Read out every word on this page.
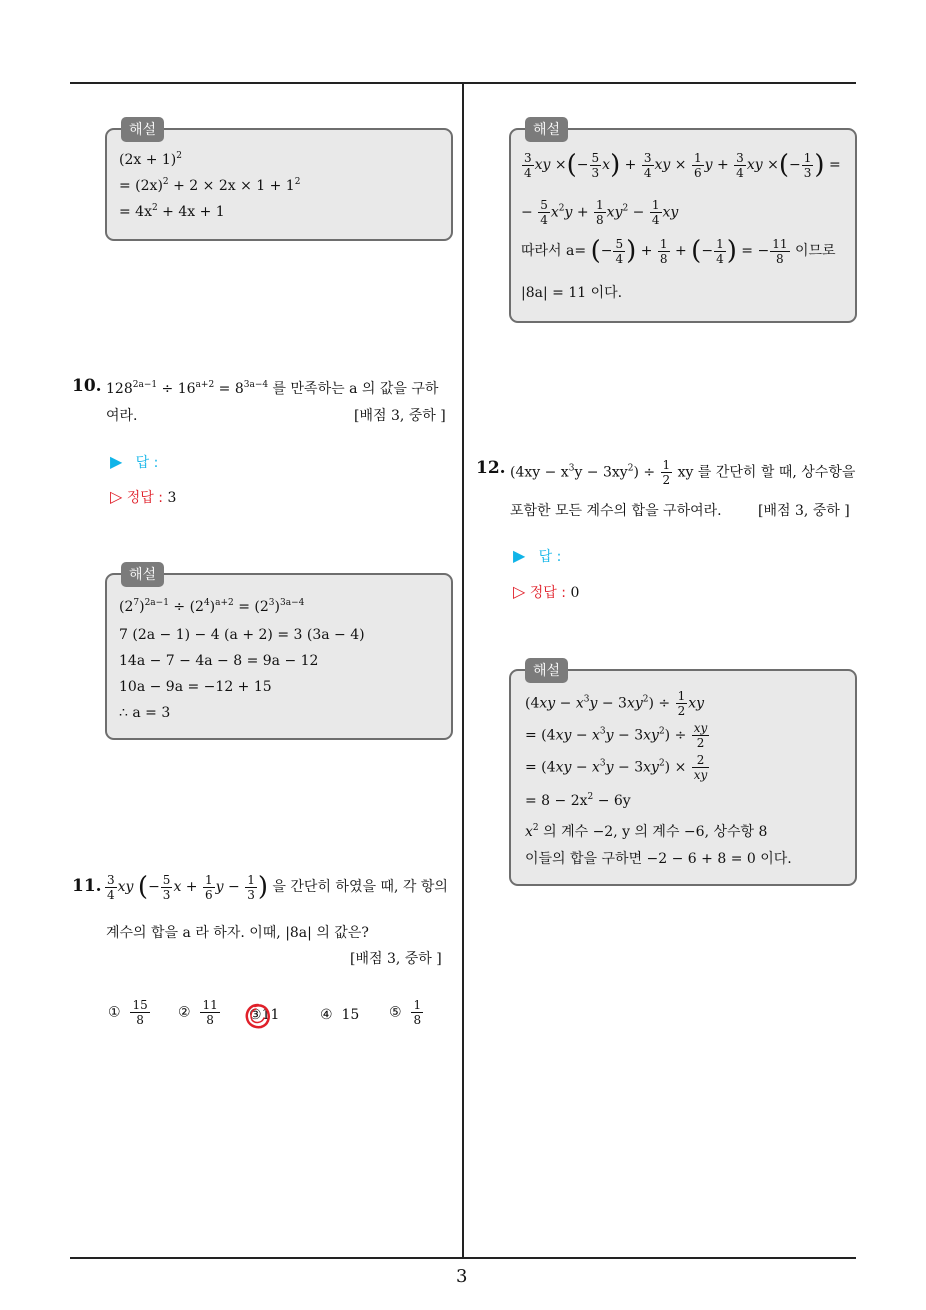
3
해설
$(2x + 1)^2$
= $(2x)^2 + 2 \times 2x \times 1 + 1^2$
= $4x^2 + 4x + 1$
10. $128^{2a-1} \div 16^{a+2} = 8^{3a-4}$ 를 만족하는 a 의 값을 구하
여라.	[배점 3, 중하 ]
▶ 답 :
▷ 정답 : 3
해설
$(2^7)^{2a-1} \div (2^4)^{a+2} = (2^3)^{3a-4}$
7 (2a − 1) − 4 (a + 2) = 3 (3a − 4)
14a − 7 − 4a − 8 = 9a − 12
10a − 9a = −12 + 15
∴ a = 3
11. $\frac{3}{4}$ xy (− $\frac{5}{3}$ $x + \frac{1}{6}$ $y - \frac{1}{3}$ ) 을 간단히 하였을 때, 각 항의
계수의 합을 a 라 하자. 이때, |8a| 의 값은?
[배점 3, 중하 ]
① $\frac{15}{8}$ ② $\frac{11}{8}$ ③11	④ 15 ⑤ $\frac{1}{8}$
해설
$\frac{3}{4}$ xy ×(− $\frac{5}{3} x) + \frac{3}{4}$ xy × $\frac{1}{6}$ $y + \frac{3}{4}$ xy ×(− $\frac{1}{3}$ ) =
− $\frac{5}{4} x^2y + \frac{1}{8} xy^2 - \frac{1}{4}$ xy
따라서 a= (− $\frac{5}{4}$ ) + $\frac{1}{8}$ + (− $\frac{1}{4}$ ) = − $\frac{11}{8}$ 이므로
|8a| = 11 이다.
12. $(4xy - x^3y - 3xy^2) \div \frac{1}{2}$ xy 를 간단히 할 때, 상수항을
포함한 모든 계수의 합을 구하여라.	[배점 3, 중하 ]
▶ 답 :
▷ 정답 : 0
해설
$(4xy - x^3y - 3xy^2) \div \frac{1}{2}$ xy
= $(4xy - x^3y - 3xy^2) \div \frac{xy}{2}$
= $(4xy - x^3y - 3xy^2) \times \frac{2}{xy}$
= $8 - 2x^2 - 6y$
$x^2$ 의 계수 −2, y 의 계수 −6, 상수항 8
이들의 합을 구하면 −2 − 6 + 8 = 0 이다.
